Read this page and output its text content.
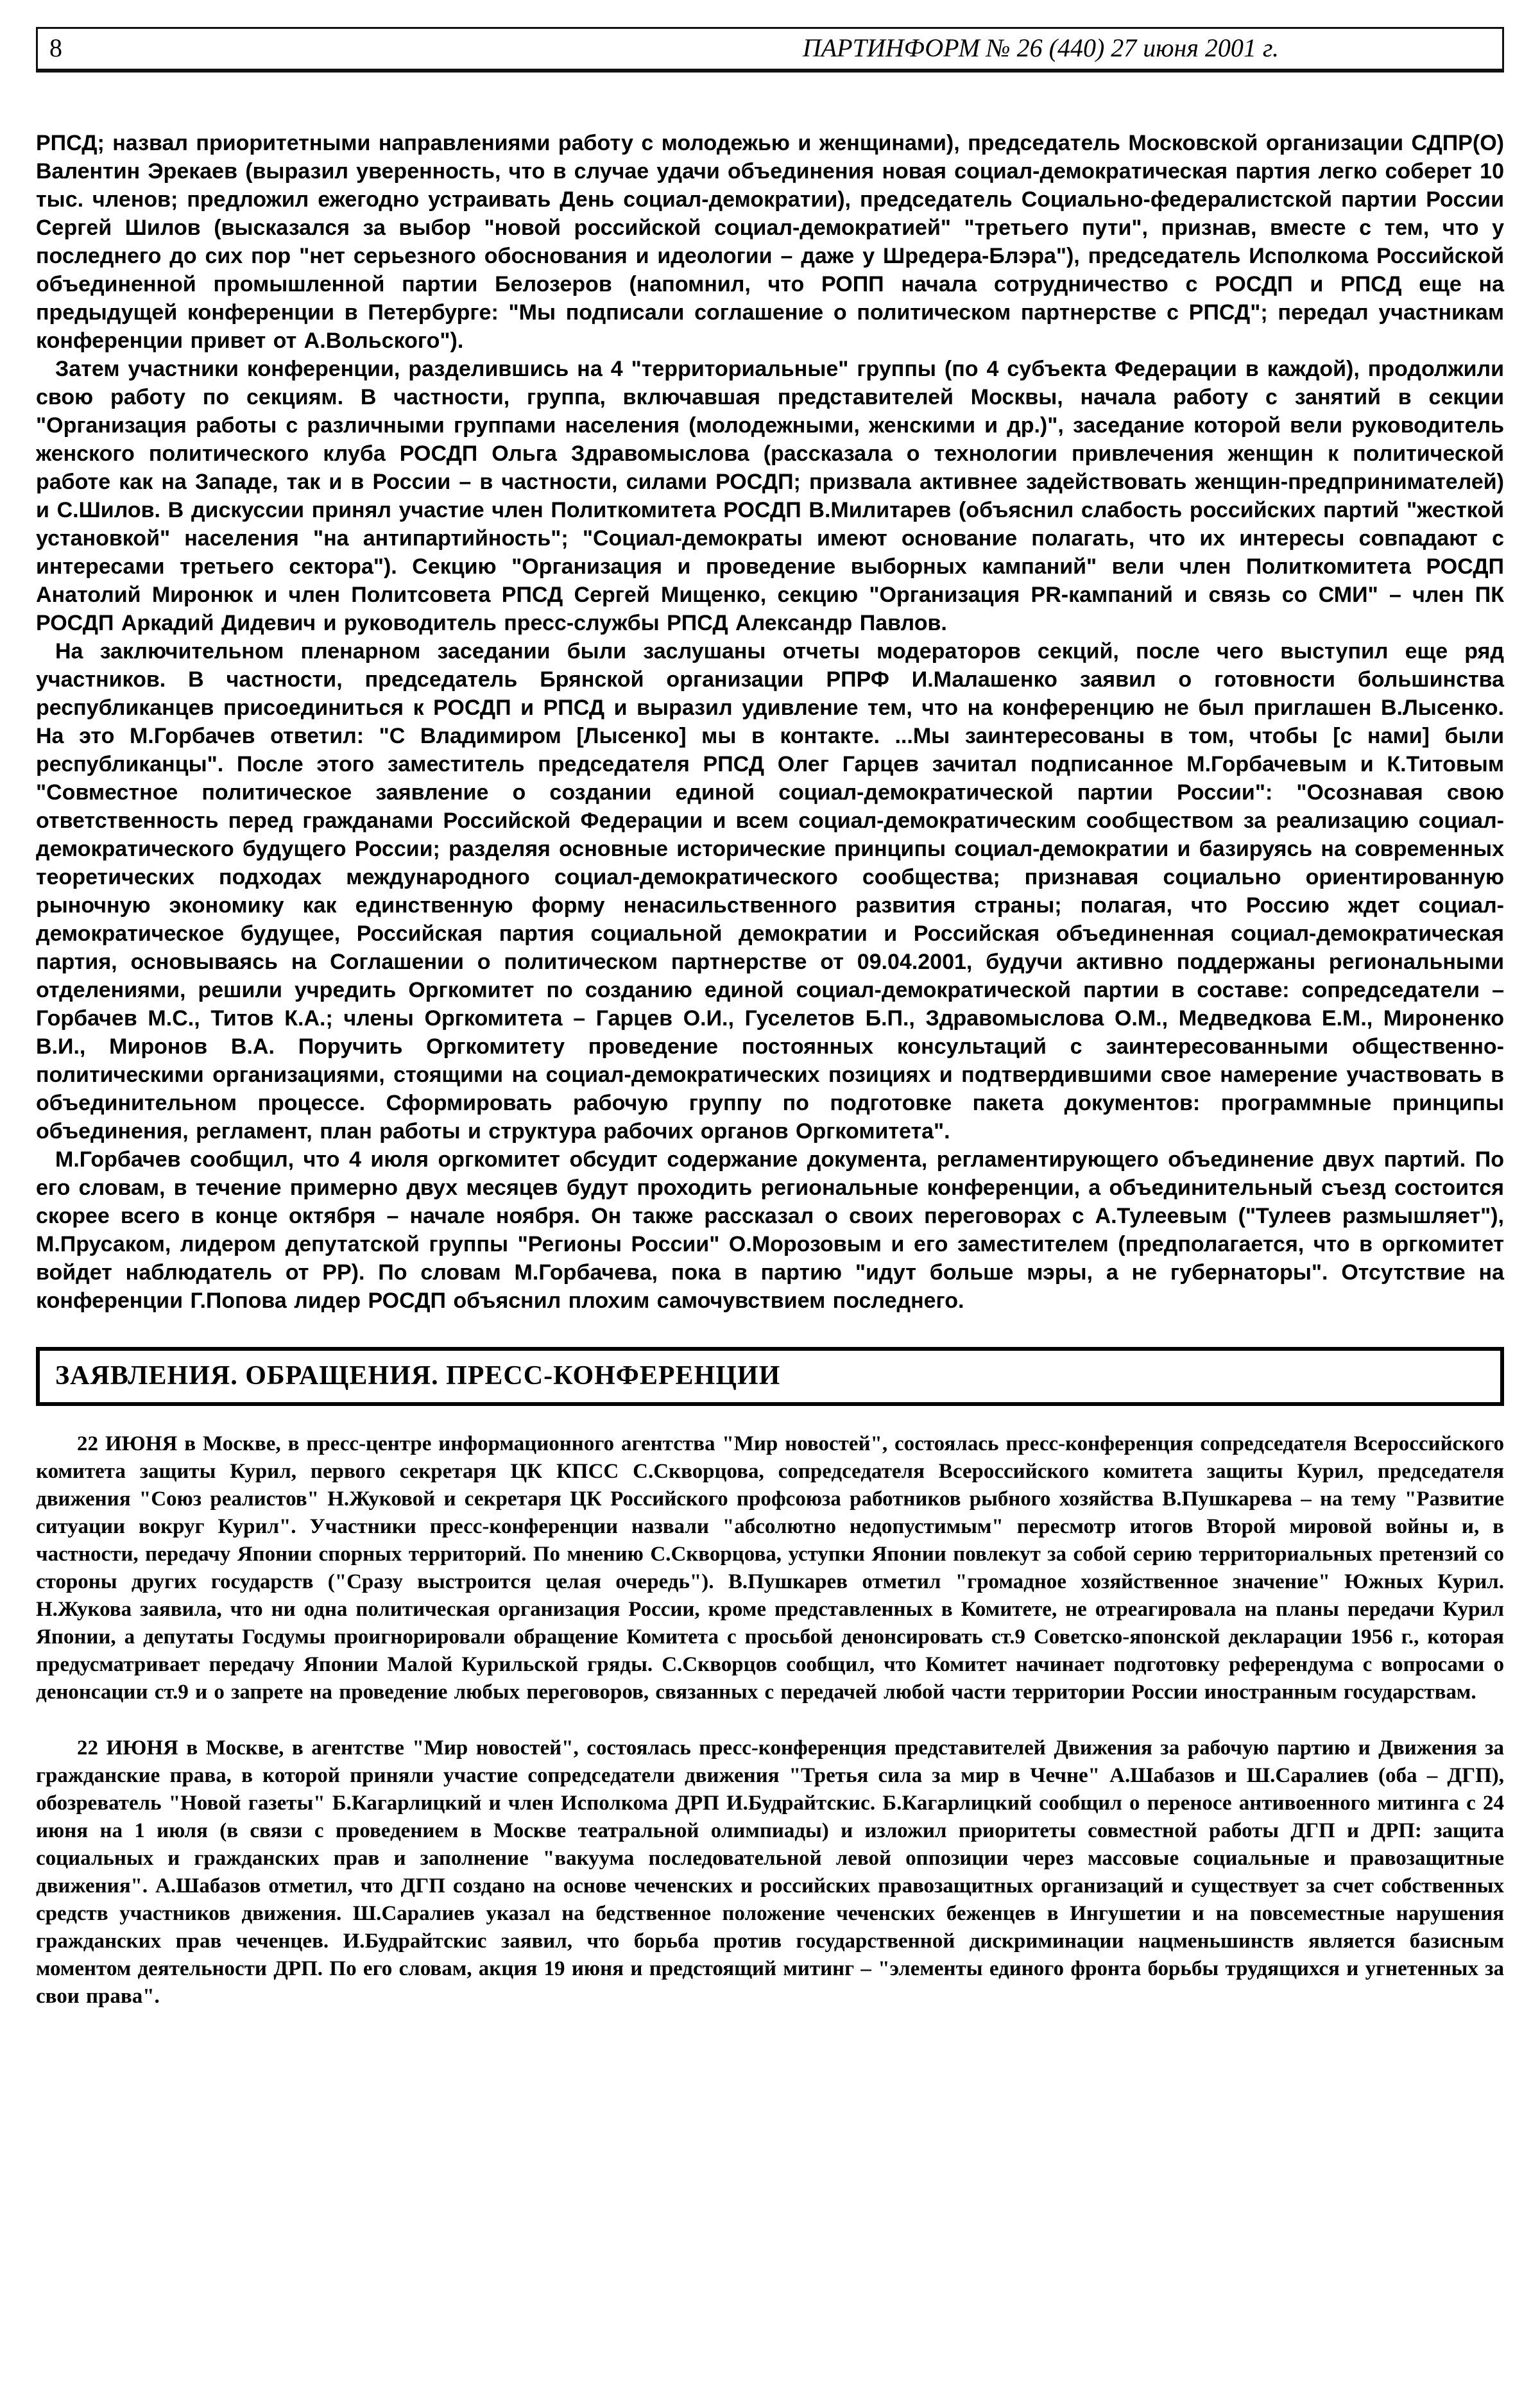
8	ПАРТИНФОРМ № 26 (440) 27 июня 2001 г.

РПСД; назвал приоритетными направлениями работу с молодежью и женщинами), председатель Московской организации СДПР(О) Валентин Эрекаев (выразил уверенность, что в случае удачи объединения новая социал-демократическая партия легко соберет 10 тыс. членов; предложил ежегодно устраивать День социал-демократии), председатель Социально-федералистской партии России Сергей Шилов (высказался за выбор "новой российской социал-демократией" "третьего пути", признав, вместе с тем, что у последнего до сих пор "нет серьезного обоснования и идеологии – даже у Шредера-Блэра"), председатель Исполкома Российской объединенной промышленной партии Белозеров (напомнил, что РОПП начала сотрудничество с РОСДП и РПСД еще на предыдущей конференции в Петербурге: "Мы подписали соглашение о политическом партнерстве с РПСД"; передал участникам конференции привет от А.Вольского").

Затем участники конференции, разделившись на 4 "территориальные" группы (по 4 субъекта Федерации в каждой), продолжили свою работу по секциям. В частности, группа, включавшая представителей Москвы, начала работу с занятий в секции "Организация работы с различными группами населения (молодежными, женскими и др.)", заседание которой вели руководитель женского политического клуба РОСДП Ольга Здравомыслова (рассказала о технологии привлечения женщин к политической работе как на Западе, так и в России – в частности, силами РОСДП; призвала активнее задействовать женщин-предпринимателей) и С.Шилов. В дискуссии принял участие член Политкомитета РОСДП В.Милитарев (объяснил слабость российских партий "жесткой установкой" населения "на антипартийность"; "Социал-демократы имеют основание полагать, что их интересы совпадают с интересами третьего сектора"). Секцию "Организация и проведение выборных кампаний" вели член Политкомитета РОСДП Анатолий Миронюк и член Политсовета РПСД Сергей Мищенко, секцию "Организация PR-кампаний и связь со СМИ" – член ПК РОСДП Аркадий Дидевич и руководитель пресс-службы РПСД Александр Павлов.

На заключительном пленарном заседании были заслушаны отчеты модераторов секций, после чего выступил еще ряд участников. В частности, председатель Брянской организации РПРФ И.Малашенко заявил о готовности большинства республиканцев присоединиться к РОСДП и РПСД и выразил удивление тем, что на конференцию не был приглашен В.Лысенко. На это М.Горбачев ответил: "С Владимиром [Лысенко] мы в контакте. ...Мы заинтересованы в том, чтобы [с нами] были республиканцы". После этого заместитель председателя РПСД Олег Гарцев зачитал подписанное М.Горбачевым и К.Титовым "Совместное политическое заявление о создании единой социал-демократической партии России": "Осознавая свою ответственность перед гражданами Российской Федерации и всем социал-демократическим сообществом за реализацию социал-демократического будущего России; разделяя основные исторические принципы социал-демократии и базируясь на современных теоретических подходах международного социал-демократического сообщества; признавая социально ориентированную рыночную экономику как единственную форму ненасильственного развития страны; полагая, что Россию ждет социал-демократическое будущее, Российская партия социальной демократии и Российская объединенная социал-демократическая партия, основываясь на Соглашении о политическом партнерстве от 09.04.2001, будучи активно поддержаны региональными отделениями, решили учредить Оргкомитет по созданию единой социал-демократической партии в составе: сопредседатели – Горбачев М.С., Титов К.А.; члены Оргкомитета – Гарцев О.И., Гуселетов Б.П., Здравомыслова О.М., Медведкова Е.М., Мироненко В.И., Миронов В.А. Поручить Оргкомитету проведение постоянных консультаций с заинтересованными общественно-политическими организациями, стоящими на социал-демократических позициях и подтвердившими свое намерение участвовать в объединительном процессе. Сформировать рабочую группу по подготовке пакета документов: программные принципы объединения, регламент, план работы и структура рабочих органов Оргкомитета".

М.Горбачев сообщил, что 4 июля оргкомитет обсудит содержание документа, регламентирующего объединение двух партий. По его словам, в течение примерно двух месяцев будут проходить региональные конференции, а объединительный съезд состоится скорее всего в конце октября – начале ноября. Он также рассказал о своих переговорах с А.Тулеевым ("Тулеев размышляет"), М.Прусаком, лидером депутатской группы "Регионы России" О.Морозовым и его заместителем (предполагается, что в оргкомитет войдет наблюдатель от РР). По словам М.Горбачева, пока в партию "идут больше мэры, а не губернаторы". Отсутствие на конференции Г.Попова лидер РОСДП объяснил плохим самочувствием последнего.

ЗАЯВЛЕНИЯ. ОБРАЩЕНИЯ. ПРЕСС-КОНФЕРЕНЦИИ

22 ИЮНЯ в Москве, в пресс-центре информационного агентства "Мир новостей", состоялась пресс-конференция сопредседателя Всероссийского комитета защиты Курил, первого секретаря ЦК КПСС С.Скворцова, сопредседателя Всероссийского комитета защиты Курил, председателя движения "Союз реалистов" Н.Жуковой и секретаря ЦК Российского профсоюза работников рыбного хозяйства В.Пушкарева – на тему "Развитие ситуации вокруг Курил". Участники пресс-конференции назвали "абсолютно недопустимым" пересмотр итогов Второй мировой войны и, в частности, передачу Японии спорных территорий. По мнению С.Скворцова, уступки Японии повлекут за собой серию территориальных претензий со стороны других государств ("Сразу выстроится целая очередь"). В.Пушкарев отметил "громадное хозяйственное значение" Южных Курил. Н.Жукова заявила, что ни одна политическая организация России, кроме представленных в Комитете, не отреагировала на планы передачи Курил Японии, а депутаты Госдумы проигнорировали обращение Комитета с просьбой денонсировать ст.9 Советско-японской декларации 1956 г., которая предусматривает передачу Японии Малой Курильской гряды. С.Скворцов сообщил, что Комитет начинает подготовку референдума с вопросами о денонсации ст.9 и о запрете на проведение любых переговоров, связанных с передачей любой части территории России иностранным государствам.

22 ИЮНЯ в Москве, в агентстве "Мир новостей", состоялась пресс-конференция представителей Движения за рабочую партию и Движения за гражданские права, в которой приняли участие сопредседатели движения "Третья сила за мир в Чечне" А.Шабазов и Ш.Саралиев (оба – ДГП), обозреватель "Новой газеты" Б.Кагарлицкий и член Исполкома ДРП И.Будрайтскис. Б.Кагарлицкий сообщил о переносе антивоенного митинга с 24 июня на 1 июля (в связи с проведением в Москве театральной олимпиады) и изложил приоритеты совместной работы ДГП и ДРП: защита социальных и гражданских прав и заполнение "вакуума последовательной левой оппозиции через массовые социальные и правозащитные движения". А.Шабазов отметил, что ДГП создано на основе чеченских и российских правозащитных организаций и существует за счет собственных средств участников движения. Ш.Саралиев указал на бедственное положение чеченских беженцев в Ингушетии и на повсеместные нарушения гражданских прав чеченцев. И.Будрайтскис заявил, что борьба против государственной дискриминации нацменьшинств является базисным моментом деятельности ДРП. По его словам, акция 19 июня и предстоящий митинг – "элементы единого фронта борьбы трудящихся и угнетенных за свои права".
